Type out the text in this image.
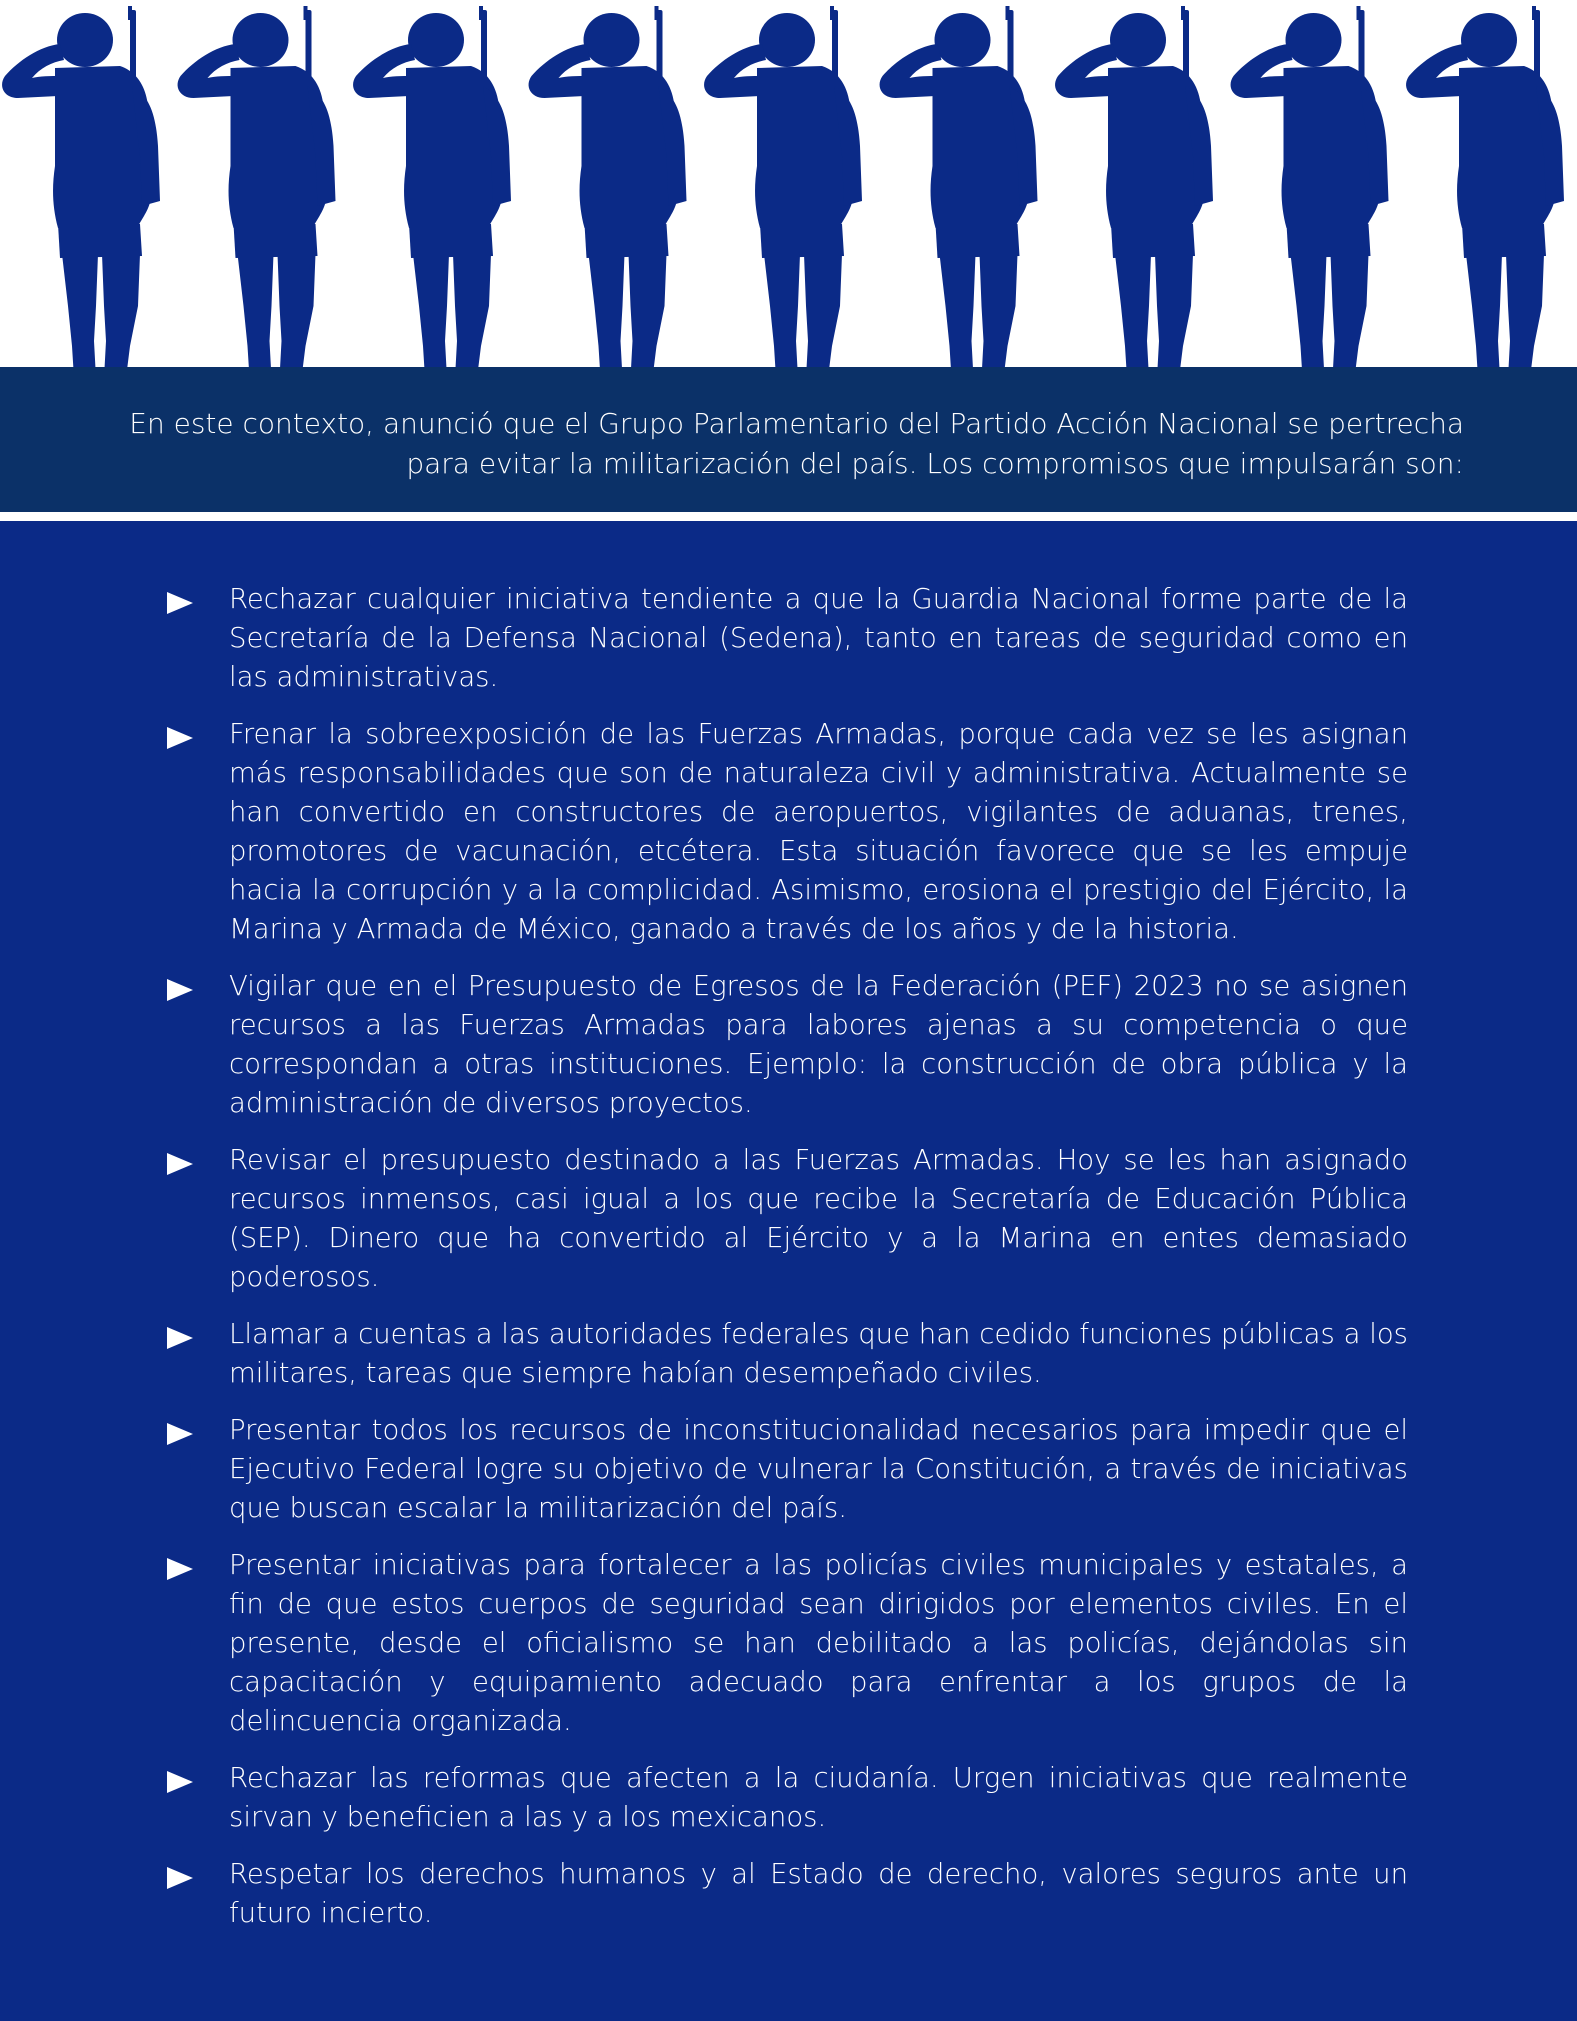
En este contexto, anunció que el Grupo Parlamentario del Partido Acción Nacional se pertrecha para evitar la militarización del país. Los compromisos que impulsarán son:

Rechazar cualquier iniciativa tendiente a que la Guardia Nacional forme parte de la Secretaría de la Defensa Nacional (Sedena), tanto en tareas de seguridad como en las administrativas.
Frenar la sobreexposición de las Fuerzas Armadas, porque cada vez se les asignan más responsabilidades que son de naturaleza civil y administrativa. Actualmente se han convertido en constructores de aeropuertos, vigilantes de aduanas, trenes, promotores de vacunación, etcétera. Esta situación favorece que se les empuje hacia la corrupción y a la complicidad. Asimismo, erosiona el prestigio del Ejército, la Marina y Armada de México, ganado a través de los años y de la historia.
Vigilar que en el Presupuesto de Egresos de la Federación (PEF) 2023 no se asignen recursos a las Fuerzas Armadas para labores ajenas a su competencia o que correspondan a otras instituciones. Ejemplo: la construcción de obra pública y la administración de diversos proyectos.
Revisar el presupuesto destinado a las Fuerzas Armadas. Hoy se les han asignado recursos inmensos, casi igual a los que recibe la Secretaría de Educación Pública (SEP). Dinero que ha convertido al Ejército y a la Marina en entes demasiado poderosos.
Llamar a cuentas a las autoridades federales que han cedido funciones públicas a los militares, tareas que siempre habían desempeñado civiles.
Presentar todos los recursos de inconstitucionalidad necesarios para impedir que el Ejecutivo Federal logre su objetivo de vulnerar la Constitución, a través de iniciativas que buscan escalar la militarización del país.
Presentar iniciativas para fortalecer a las policías civiles municipales y estatales, a fin de que estos cuerpos de seguridad sean dirigidos por elementos civiles. En el presente, desde el oficialismo se han debilitado a las policías, dejándolas sin capacitación y equipamiento adecuado para enfrentar a los grupos de la delincuencia organizada.
Rechazar las reformas que afecten a la ciudanía. Urgen iniciativas que realmente sirvan y beneficien a las y a los mexicanos.
Respetar los derechos humanos y al Estado de derecho, valores seguros ante un futuro incierto.
